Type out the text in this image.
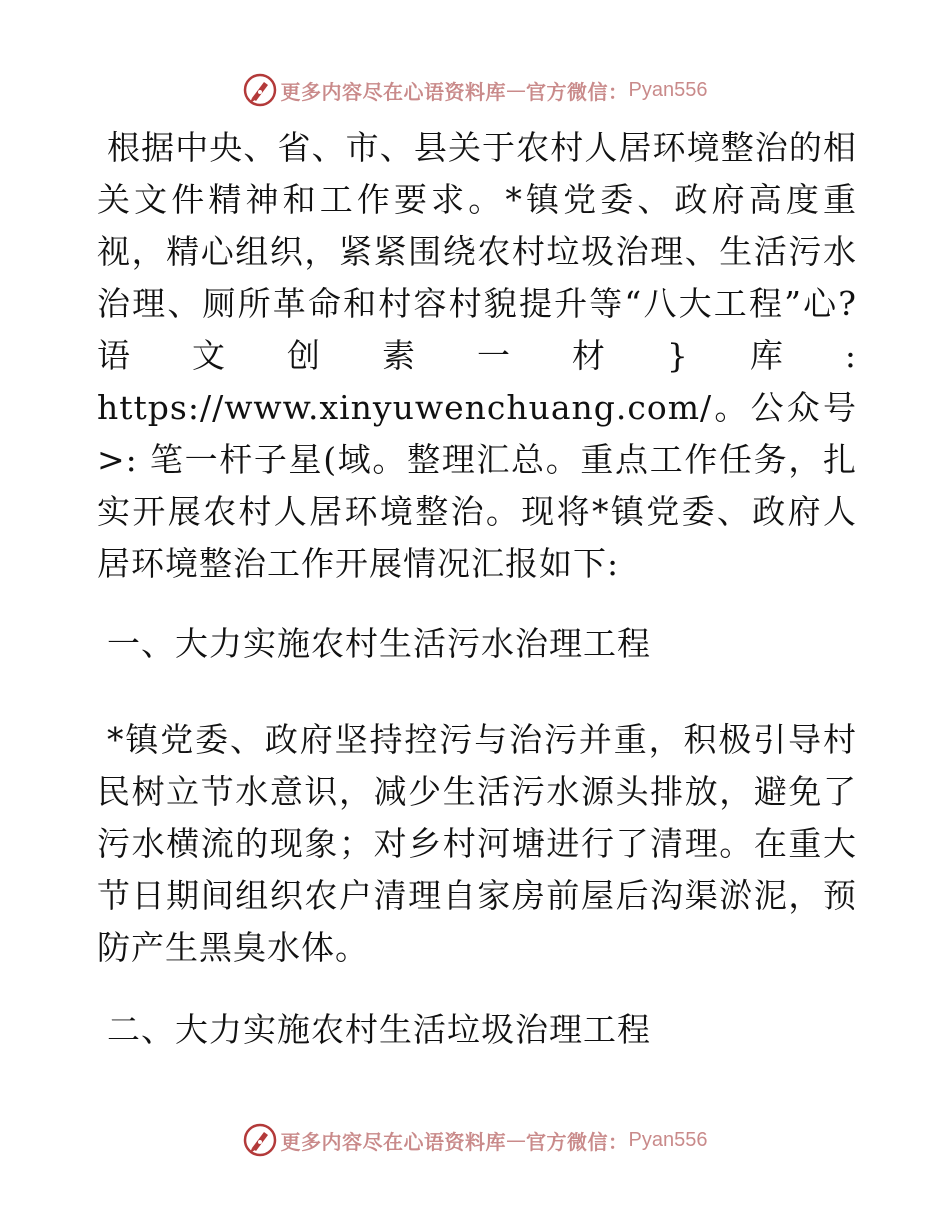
更多内容尽在心语资料库 — 官方微信： Pyan556

根据中央、省、市、县关于农村人居环境整治的相关文件精神和工作要求。*镇党委、政府高度重视，精心组织，紧紧围绕农村垃圾治理、生活污水治理、厕所革命和村容村貌提升等“八大工程”心?语文创素一材}库: https://www.xinyuwenchuang.com/。公众号>: 笔一杆子星(域。整理汇总。重点工作任务，扎实开展农村人居环境整治。现将*镇党委、政府人居环境整治工作开展情况汇报如下:

一、大力实施农村生活污水治理工程

*镇党委、政府坚持控污与治污并重，积极引导村民树立节水意识，减少生活污水源头排放，避免了污水横流的现象；对乡村河塘进行了清理。在重大节日期间组织农户清理自家房前屋后沟渠淤泥，预防产生黑臭水体。

二、大力实施农村生活垃圾治理工程

更多内容尽在心语资料库 — 官方微信： Pyan556
